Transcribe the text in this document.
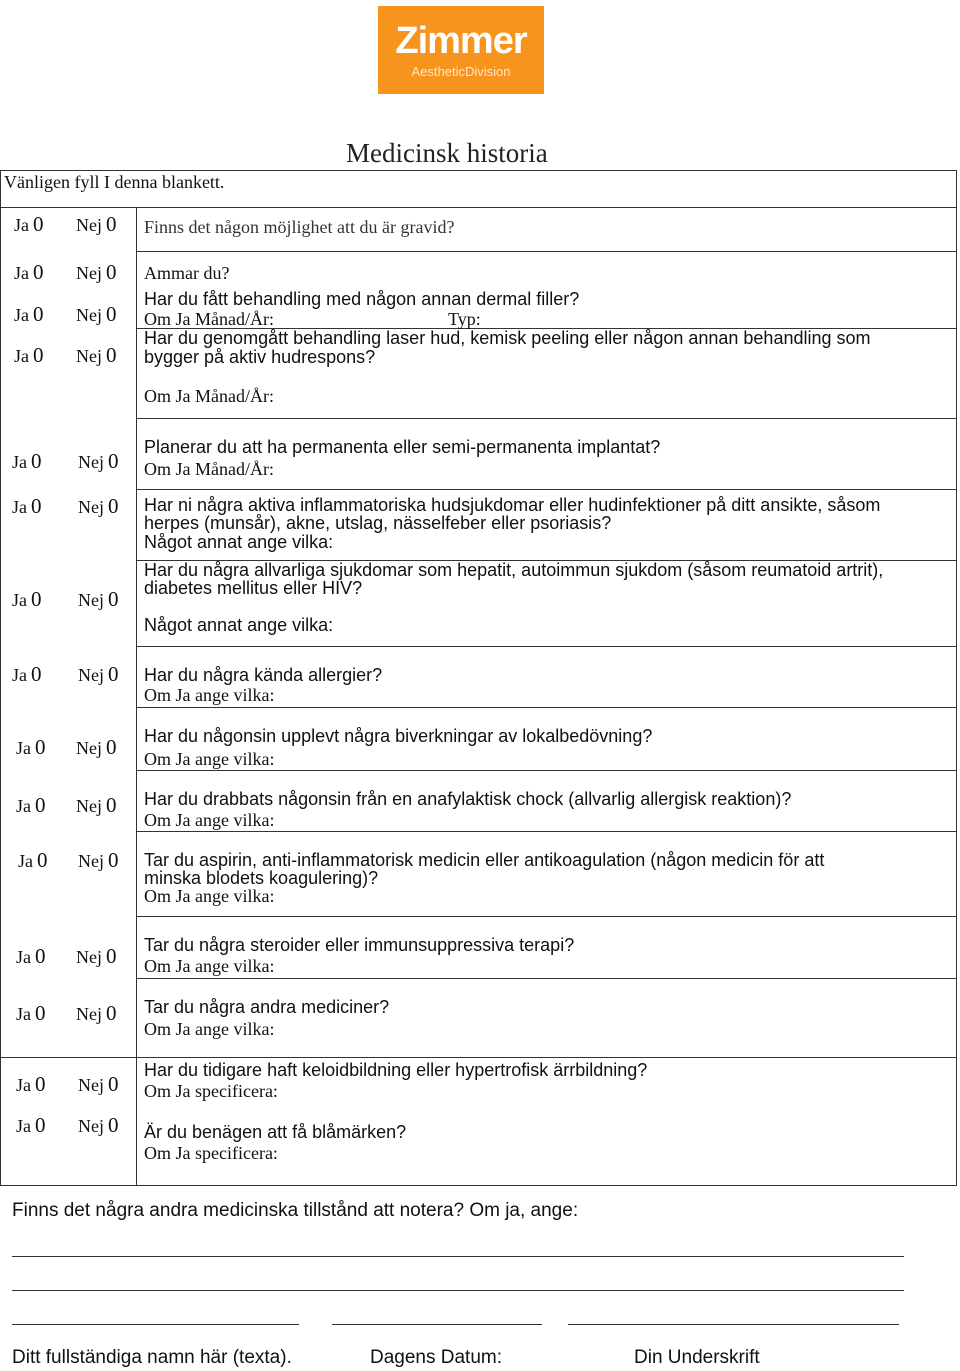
Zimmer
AestheticDivision
Medicinsk historia
Vänligen fyll I denna blankett.
Ja 0 Nej 0 Finns det någon möjlighet att du är gravid?
Ja 0 Nej 0 Ammar du?
Ja 0 Nej 0
Har du fått behandling med någon annan dermal filler?
Om Ja Månad/År:	Typ:
Ja 0 Nej 0
Har du genomgått behandling laser hud, kemisk peeling eller någon annan behandling som
bygger på aktiv hudrespons?
Om Ja Månad/År:
Ja 0 Nej 0
Planerar du att ha permanenta eller semi-permanenta implantat?
Om Ja Månad/År:
Ja 0 Nej 0 Har ni några aktiva inflammatoriska hudsjukdomar eller hudinfektioner på ditt ansikte, såsom
herpes (munsår), akne, utslag, nässelfeber eller psoriasis?
Något annat ange vilka:
Ja 0 Nej 0
Har du några allvarliga sjukdomar som hepatit, autoimmun sjukdom (såsom reumatoid artrit),
diabetes mellitus eller HIV?
Något annat ange vilka:
Ja 0 Nej 0 Har du några kända allergier?
Om Ja ange vilka:
Ja 0 Nej 0 Har du någonsin upplevt några biverkningar av lokalbedövning?
Om Ja ange vilka:
Ja 0 Nej 0 Har du drabbats någonsin från en anafylaktisk chock (allvarlig allergisk reaktion)?
Om Ja ange vilka:
Ja 0 Nej 0 Tar du aspirin, anti-inflammatorisk medicin eller antikoagulation (någon medicin för att
minska blodets koagulering)?
Om Ja ange vilka:
Ja 0 Nej 0 Tar du några steroider eller immunsuppressiva terapi?
Om Ja ange vilka:
Ja 0 Nej 0 Tar du några andra mediciner?
Om Ja ange vilka:
Ja 0 Nej 0
Har du tidigare haft keloidbildning eller hypertrofisk ärrbildning?
Om Ja specificera:
Ja 0 Nej 0 Är du benägen att få blåmärken?
Om Ja specificera:
Finns det några andra medicinska tillstånd att notera? Om ja, ange:
Ditt fullständiga namn här (texta).	Dagens Datum:	Din Underskrift
